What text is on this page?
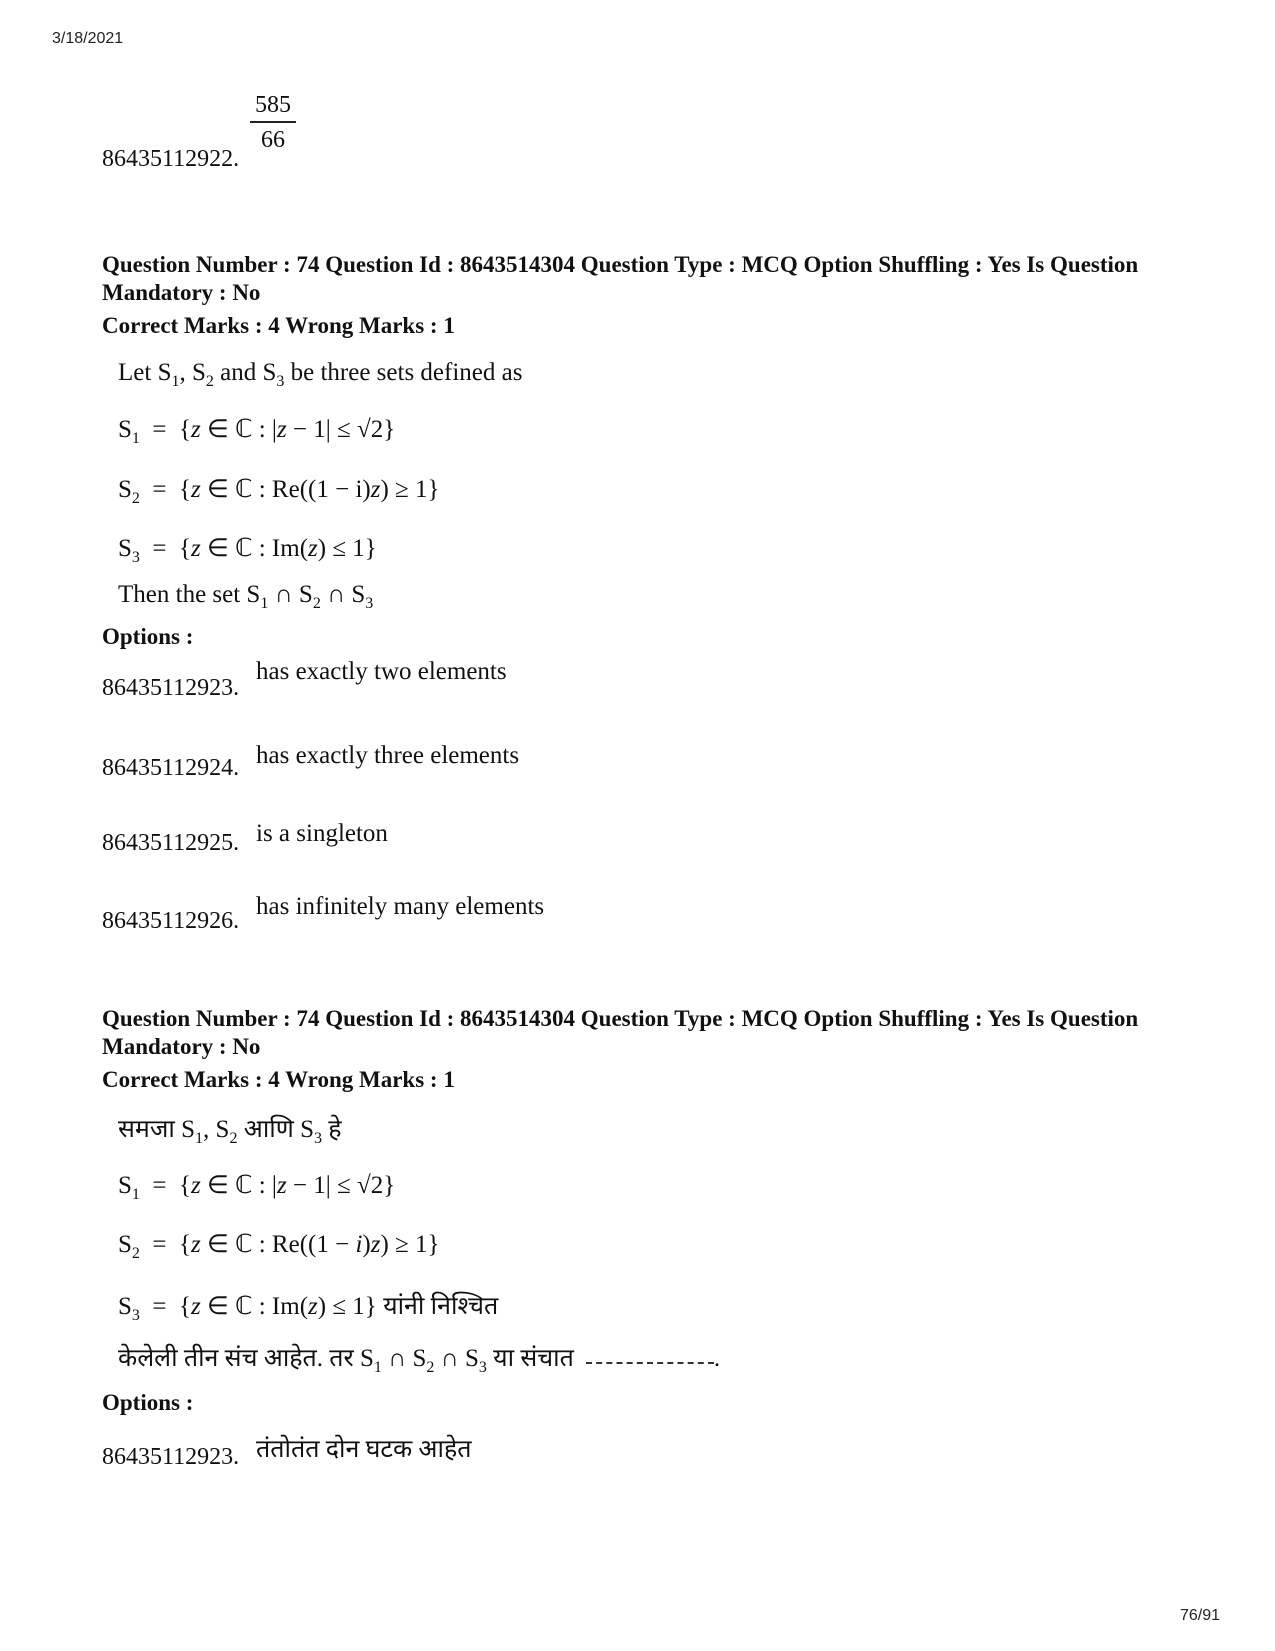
3/18/2021
76/91
86435112922.
$\frac{585}{66}$
Question Number : 74 Question Id : 8643514304 Question Type : MCQ Option Shuffling : Yes Is Question Mandatory : No
Correct Marks : 4 Wrong Marks : 1
Let $S_1$, $S_2$ and $S_3$ be three sets defined as
$S_1 = \{z$ ∈ ℂ : |z − 1| ≤ √2}
$S_2 = \{z$ ∈ ℂ : Re((1 − i)z) ≥ 1}
$S_3 = \{z$ ∈ ℂ : Im(z) ≤ 1}
Then the set $S_1$ ∩ $S_2$ ∩ $S_3$
Options :
86435112923.
has exactly two elements
86435112924. has exactly three elements
86435112925. is a singleton
86435112926.
has infinitely many elements
Question Number : 74 Question Id : 8643514304 Question Type : MCQ Option Shuffling : Yes Is Question Mandatory : No
Correct Marks : 4 Wrong Marks : 1
समजा $S_1$, $S_2$ आणि $S_3$ हे
$S_1 = \{z$ ∈ ℂ : |z − 1| ≤ √2}
$S_2 = \{z$ ∈ ℂ : Re((1 − i)z) ≥ 1}
$S_3 = \{z$ ∈ ℂ : Im(z) ≤ 1} यांनी निश्चित
केलेली तीन संच आहेत. तर $S_1$ ∩ $S_2$ ∩ $S_3$ या संचात	.
Options :
86435112923. तंतोतंत दोन घटक आहेत
